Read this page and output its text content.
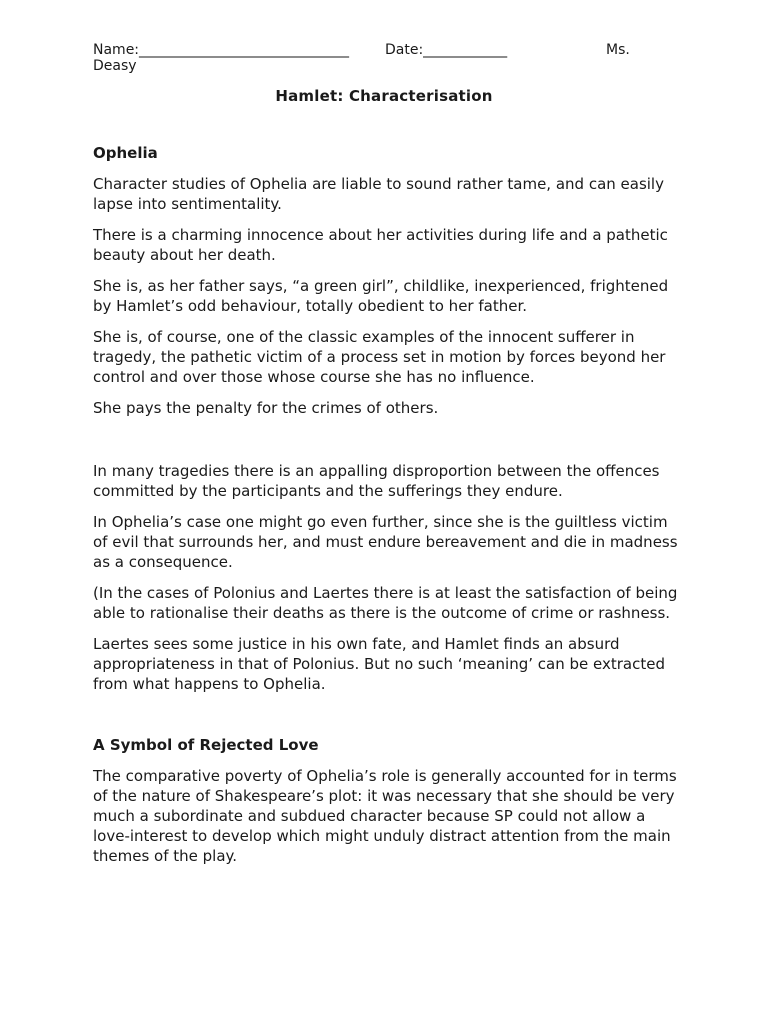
Name:______________________________	Date:____________	Ms.
Deasy
Hamlet: Characterisation
Ophelia

Character studies of Ophelia are liable to sound rather tame, and can easily lapse into sentimentality.

There is a charming innocence about her activities during life and a pathetic beauty about her death.

She is, as her father says, “a green girl”, childlike, inexperienced, frightened by Hamlet’s odd behaviour, totally obedient to her father.

She is, of course, one of the classic examples of the innocent sufferer in tragedy, the pathetic victim of a process set in motion by forces beyond her control and over those whose course she has no influence.

She pays the penalty for the crimes of others.

In many tragedies there is an appalling disproportion between the offences committed by the participants and the sufferings they endure.

In Ophelia’s case one might go even further, since she is the guiltless victim of evil that surrounds her, and must endure bereavement and die in madness as a consequence.

(In the cases of Polonius and Laertes there is at least the satisfaction of being able to rationalise their deaths as there is the outcome of crime or rashness.

Laertes sees some justice in his own fate, and Hamlet finds an absurd appropriateness in that of Polonius. But no such ‘meaning’ can be extracted from what happens to Ophelia.

A Symbol of Rejected Love

The comparative poverty of Ophelia’s role is generally accounted for in terms of the nature of Shakespeare’s plot: it was necessary that she should be very much a subordinate and subdued character because SP could not allow a love-interest to develop which might unduly distract attention from the main themes of the play.
